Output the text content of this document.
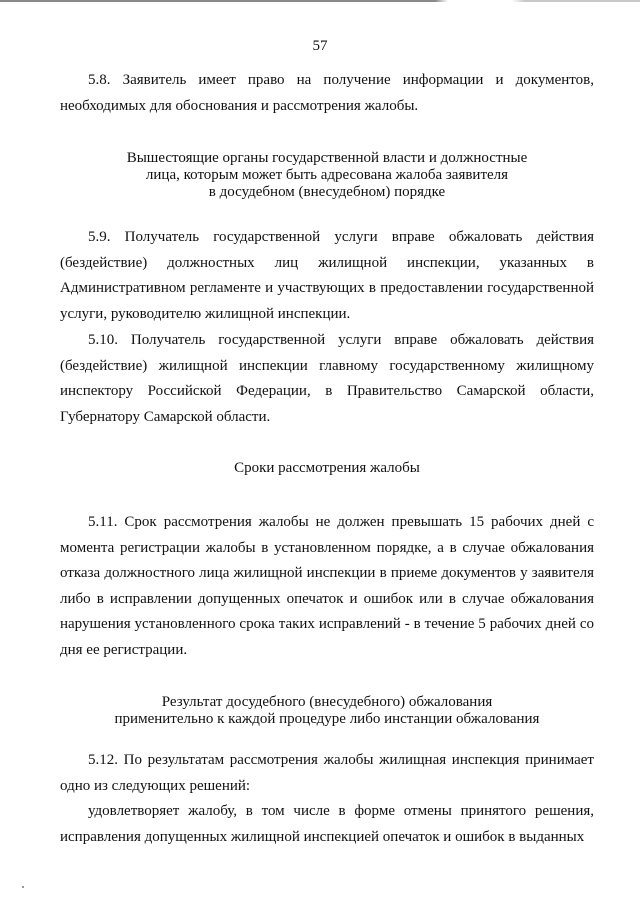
57

5.8. Заявитель имеет право на получение информации и документов, необходимых для обоснования и рассмотрения жалобы.

Вышестоящие органы государственной власти и должностные
лица, которым может быть адресована жалоба заявителя
в досудебном (внесудебном) порядке

5.9. Получатель государственной услуги вправе обжаловать действия (бездействие) должностных лиц жилищной инспекции, указанных в Административном регламенте и участвующих в предоставлении государственной услуги, руководителю жилищной инспекции.

5.10. Получатель государственной услуги вправе обжаловать действия (бездействие) жилищной инспекции главному государственному жилищному инспектору Российской Федерации, в Правительство Самарской области, Губернатору Самарской области.

Сроки рассмотрения жалобы

5.11. Срок рассмотрения жалобы не должен превышать 15 рабочих дней с момента регистрации жалобы в установленном порядке, а в случае обжалования отказа должностного лица жилищной инспекции в приеме документов у заявителя либо в исправлении допущенных опечаток и ошибок или в случае обжалования нарушения установленного срока таких исправлений - в течение 5 рабочих дней со дня ее регистрации.

Результат досудебного (внесудебного) обжалования
применительно к каждой процедуре либо инстанции обжалования

5.12. По результатам рассмотрения жалобы жилищная инспекция принимает одно из следующих решений:

удовлетворяет жалобу, в том числе в форме отмены принятого решения, исправления допущенных жилищной инспекцией опечаток и ошибок в выданных
